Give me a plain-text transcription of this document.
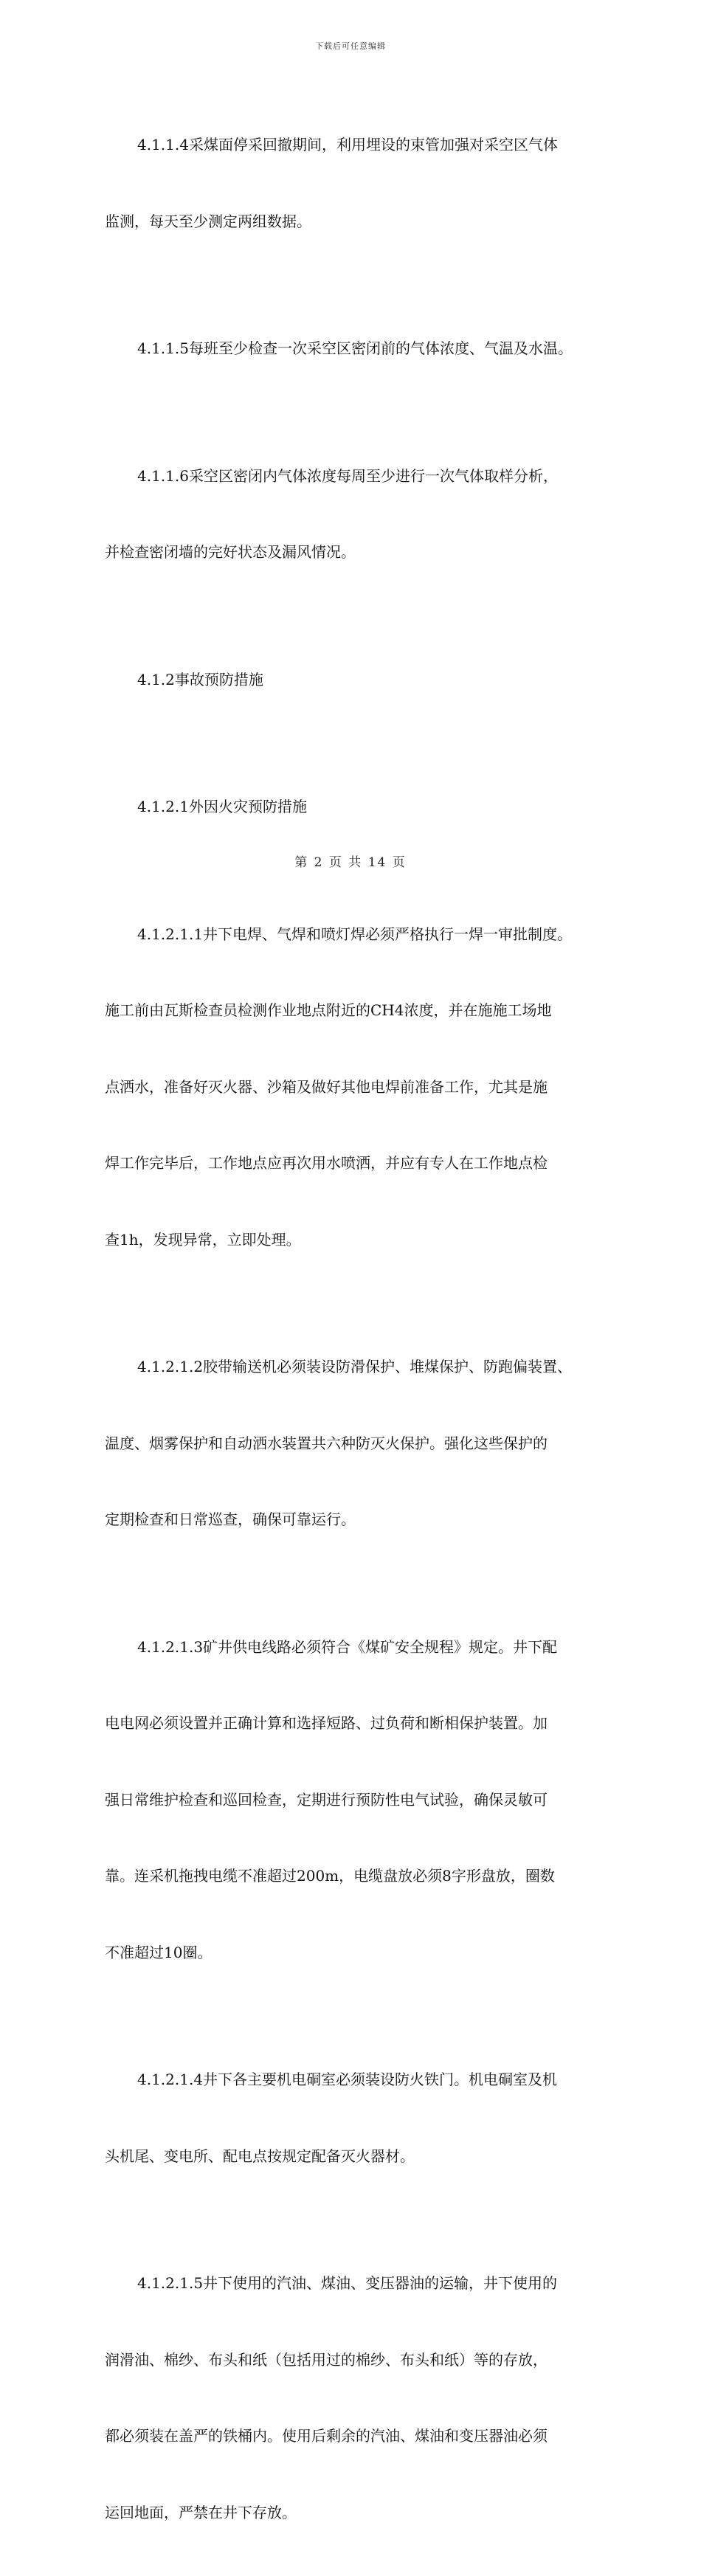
下载后可任意编辑

4.1.1.4采煤面停采回撤期间，利用埋设的束管加强对采空区气体

监测，每天至少测定两组数据。

4.1.1.5每班至少检查一次采空区密闭前的气体浓度、气温及水温。

4.1.1.6采空区密闭内气体浓度每周至少进行一次气体取样分析，

并检查密闭墙的完好状态及漏风情况。

4.1.2事故预防措施

4.1.2.1外因火灾预防措施

4.1.2.1.1井下电焊、气焊和喷灯焊必须严格执行一焊一审批制度。

施工前由瓦斯检查员检测作业地点附近的CH4浓度，并在施施工场地

点洒水，准备好灭火器、沙箱及做好其他电焊前准备工作，尤其是施

焊工作完毕后，工作地点应再次用水喷洒，并应有专人在工作地点检

查1h，发现异常，立即处理。

4.1.2.1.2胶带输送机必须装设防滑保护、堆煤保护、防跑偏装置、

温度、烟雾保护和自动洒水装置共六种防灭火保护。强化这些保护的

定期检查和日常巡查，确保可靠运行。

4.1.2.1.3矿井供电线路必须符合《煤矿安全规程》规定。井下配

电电网必须设置并正确计算和选择短路、过负荷和断相保护装置。加

强日常维护检查和巡回检查，定期进行预防性电气试验，确保灵敏可

靠。连采机拖拽电缆不准超过200m，电缆盘放必须8字形盘放，圈数

不准超过10圈。

4.1.2.1.4井下各主要机电硐室必须装设防火铁门。机电硐室及机

头机尾、变电所、配电点按规定配备灭火器材。

4.1.2.1.5井下使用的汽油、煤油、变压器油的运输，井下使用的

润滑油、棉纱、布头和纸（包括用过的棉纱、布头和纸）等的存放，

都必须装在盖严的铁桶内。使用后剩余的汽油、煤油和变压器油必须

运回地面，严禁在井下存放。

第 2 页 共 14 页
